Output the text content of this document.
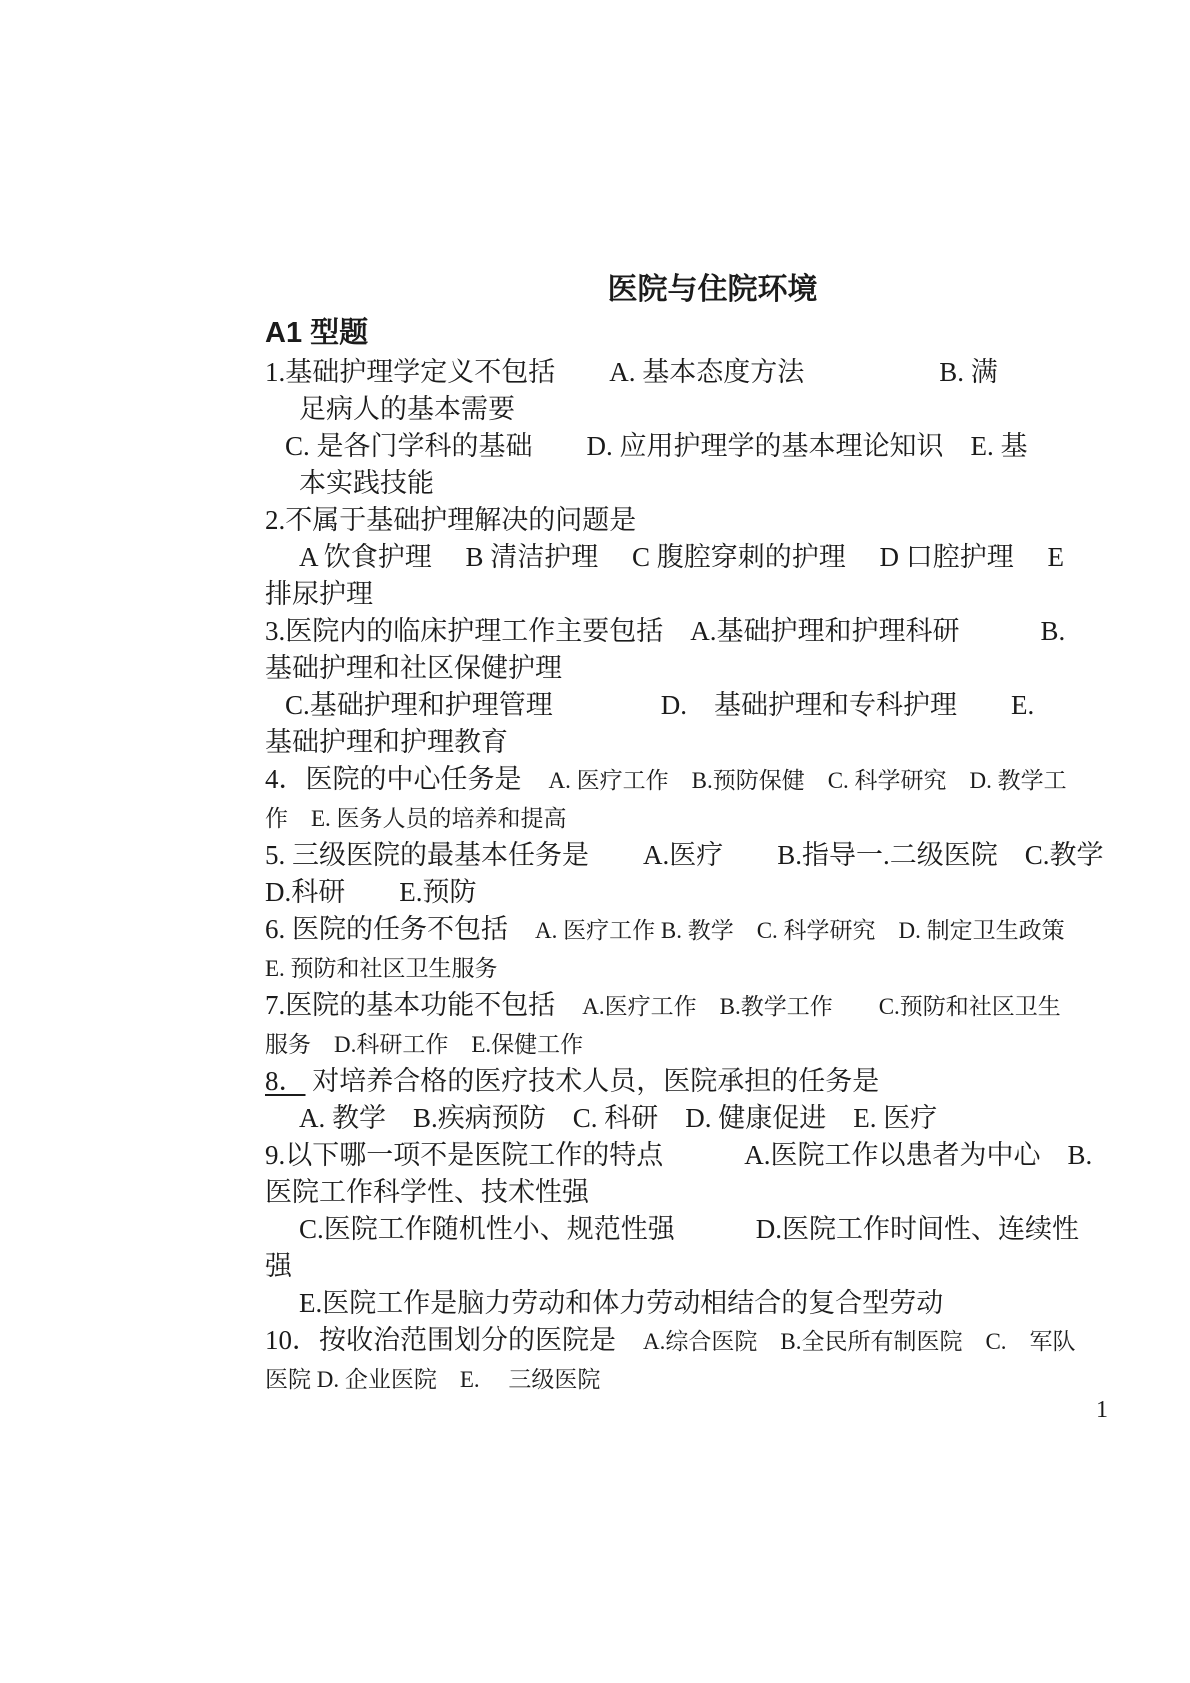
医院与住院环境
A1 型题
1.基础护理学定义不包括　　A. 基本态度方法　　　　　B. 满
足病人的基本需要
C. 是各门学科的基础　　D. 应用护理学的基本理论知识　E. 基
本实践技能
2.不属于基础护理解决的问题是
A 饮食护理　 B 清洁护理　 C 腹腔穿刺的护理　 D 口腔护理　 E
排尿护理
3.医院内的临床护理工作主要包括　A.基础护理和护理科研　　　B.
基础护理和社区保健护理
C.基础护理和护理管理　　　　D.　基础护理和专科护理　　E.
基础护理和护理教育
4．医院的中心任务是　A. 医疗工作　B.预防保健　C. 科学研究　D. 教学工
作　E. 医务人员的培养和提高
5. 三级医院的最基本任务是　　A.医疗　　B.指导一.二级医院　C.教学
D.科研　　E.预防
6. 医院的任务不包括　A. 医疗工作 B. 教学　C. 科学研究　D. 制定卫生政策
E. 预防和社区卫生服务
7.医院的基本功能不包括　A.医疗工作　B.教学工作　　C.预防和社区卫生
服务　D.科研工作　E.保健工作
8． 对培养合格的医疗技术人员，医院承担的任务是
A. 教学　B.疾病预防　C. 科研　D. 健康促进　E. 医疗
9.以下哪一项不是医院工作的特点　　　A.医院工作以患者为中心　B.
医院工作科学性、技术性强
C.医院工作随机性小、规范性强　　　D.医院工作时间性、连续性
强
E.医院工作是脑力劳动和体力劳动相结合的复合型劳动
10．按收治范围划分的医院是　A.综合医院　B.全民所有制医院　C.　军队
医院 D. 企业医院　E.　 三级医院
1
